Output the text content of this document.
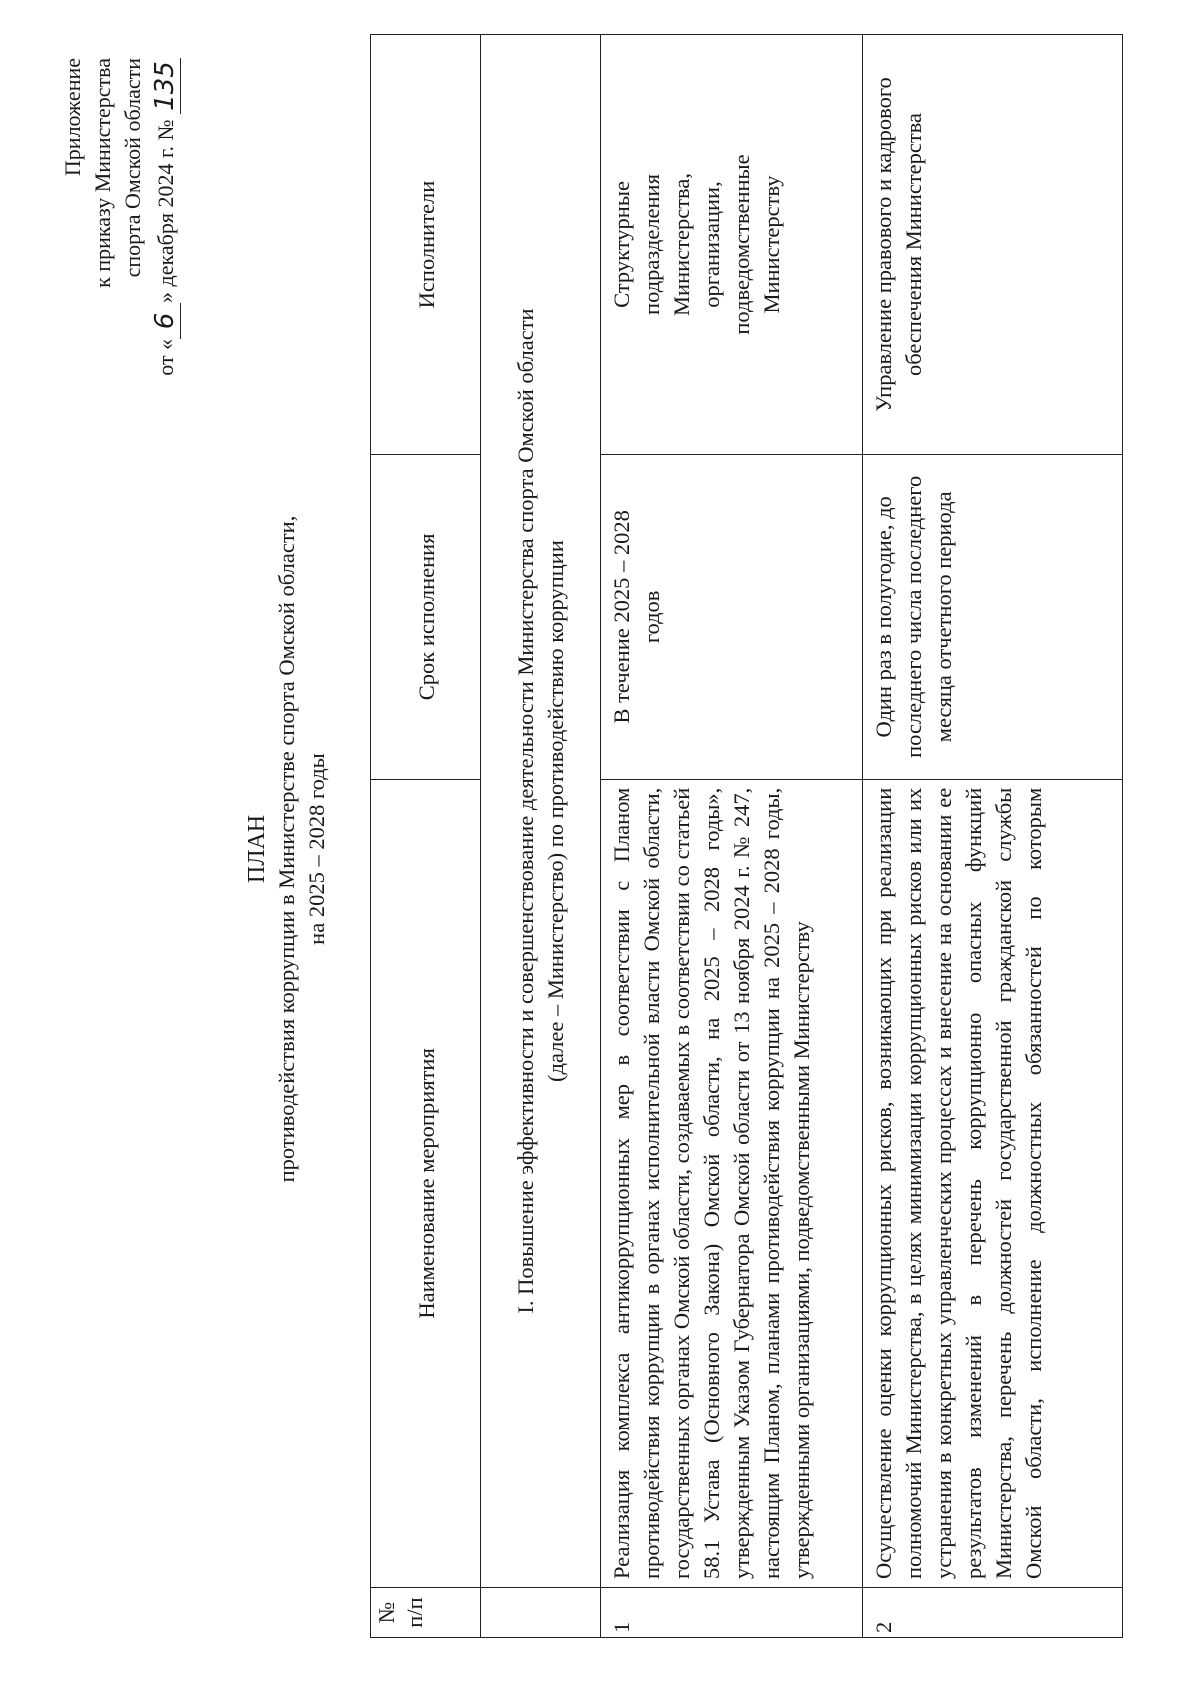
Приложение к приказу Министерства спорта Омской области
от «6» декабря 2024 г. № 135
ПЛАН противодействия коррупции в Министерстве спорта Омской области, на 2025 – 2028 годы
№ п/п	Наименование мероприятия	Срок исполнения	Исполнители

	I. Повышение эффективности и совершенствование деятельности Министерства спорта Омской области (далее – Министерство) по противодействию коррупции		

1	Реализация комплекса антикоррупционных мер в соответствии с Планом противодействия коррупции в органах исполнительной власти Омской области, государственных органах Омской области, создаваемых в соответствии со статьей 58.1 Устава (Основного Закона) Омской области, на 2025 – 2028 годы», утвержденным Указом Губернатора Омской области от 13 ноября 2024 г. № 247, настоящим Планом, планами противодействия коррупции на 2025 – 2028 годы, утвержденными организациями, подведомственными Министерству	В течение 2025 – 2028 годов	Структурные подразделения Министерства, организации, подведомственные Министерству

2	Осуществление оценки коррупционных рисков, возникающих при реализации полномочий Министерства, в целях минимизации коррупционных рисков или их устранения в конкретных управленческих процессах и внесение на основании ее результатов изменений в перечень коррупционно опасных функций Министерства, перечень должностей государственной гражданской службы Омской области, исполнение должностных обязанностей по которым	Один раз в полугодие, до последнего числа последнего месяца отчетного периода	Управление правового и кадрового обеспечения Министерства
